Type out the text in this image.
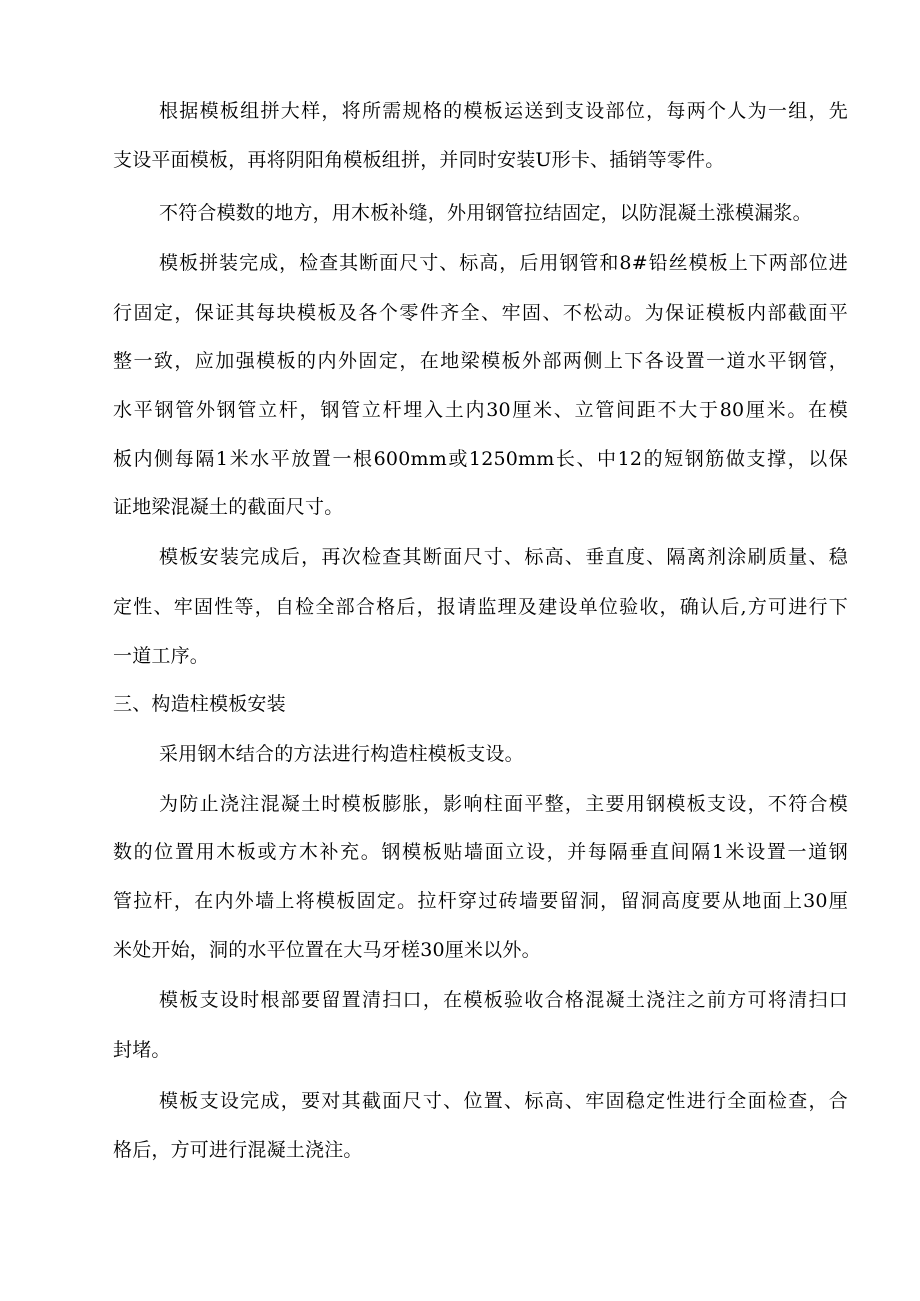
根据模板组拼大样，将所需规格的模板运送到支设部位，每两个人为一组，先
支设平面模板，再将阴阳角模板组拼，并同时安装U形卡、插销等零件。
不符合模数的地方，用木板补缝，外用钢管拉结固定，以防混凝土涨模漏浆。
模板拼装完成，检查其断面尺寸、标高，后用钢管和8#铅丝模板上下两部位进
行固定，保证其每块模板及各个零件齐全、牢固、不松动。为保证模板内部截面平
整一致，应加强模板的内外固定，在地梁模板外部两侧上下各设置一道水平钢管，
水平钢管外钢管立杆，钢管立杆埋入土内30厘米、立管间距不大于80厘米。在模
板内侧每隔1米水平放置一根600mm或1250mm长、中12的短钢筋做支撑，以保
证地梁混凝土的截面尺寸。
模板安装完成后，再次检查其断面尺寸、标高、垂直度、隔离剂涂刷质量、稳
定性、牢固性等，自检全部合格后，报请监理及建设单位验收，确认后,方可进行下
一道工序。
三、构造柱模板安装
采用钢木结合的方法进行构造柱模板支设。
为防止浇注混凝土时模板膨胀，影响柱面平整，主要用钢模板支设，不符合模
数的位置用木板或方木补充。钢模板贴墙面立设，并每隔垂直间隔1米设置一道钢
管拉杆，在内外墙上将模板固定。拉杆穿过砖墙要留洞，留洞高度要从地面上30厘
米处开始，洞的水平位置在大马牙槎30厘米以外。
模板支设时根部要留置清扫口，在模板验收合格混凝土浇注之前方可将清扫口
封堵。
模板支设完成，要对其截面尺寸、位置、标高、牢固稳定性进行全面检查，合
格后，方可进行混凝土浇注。
